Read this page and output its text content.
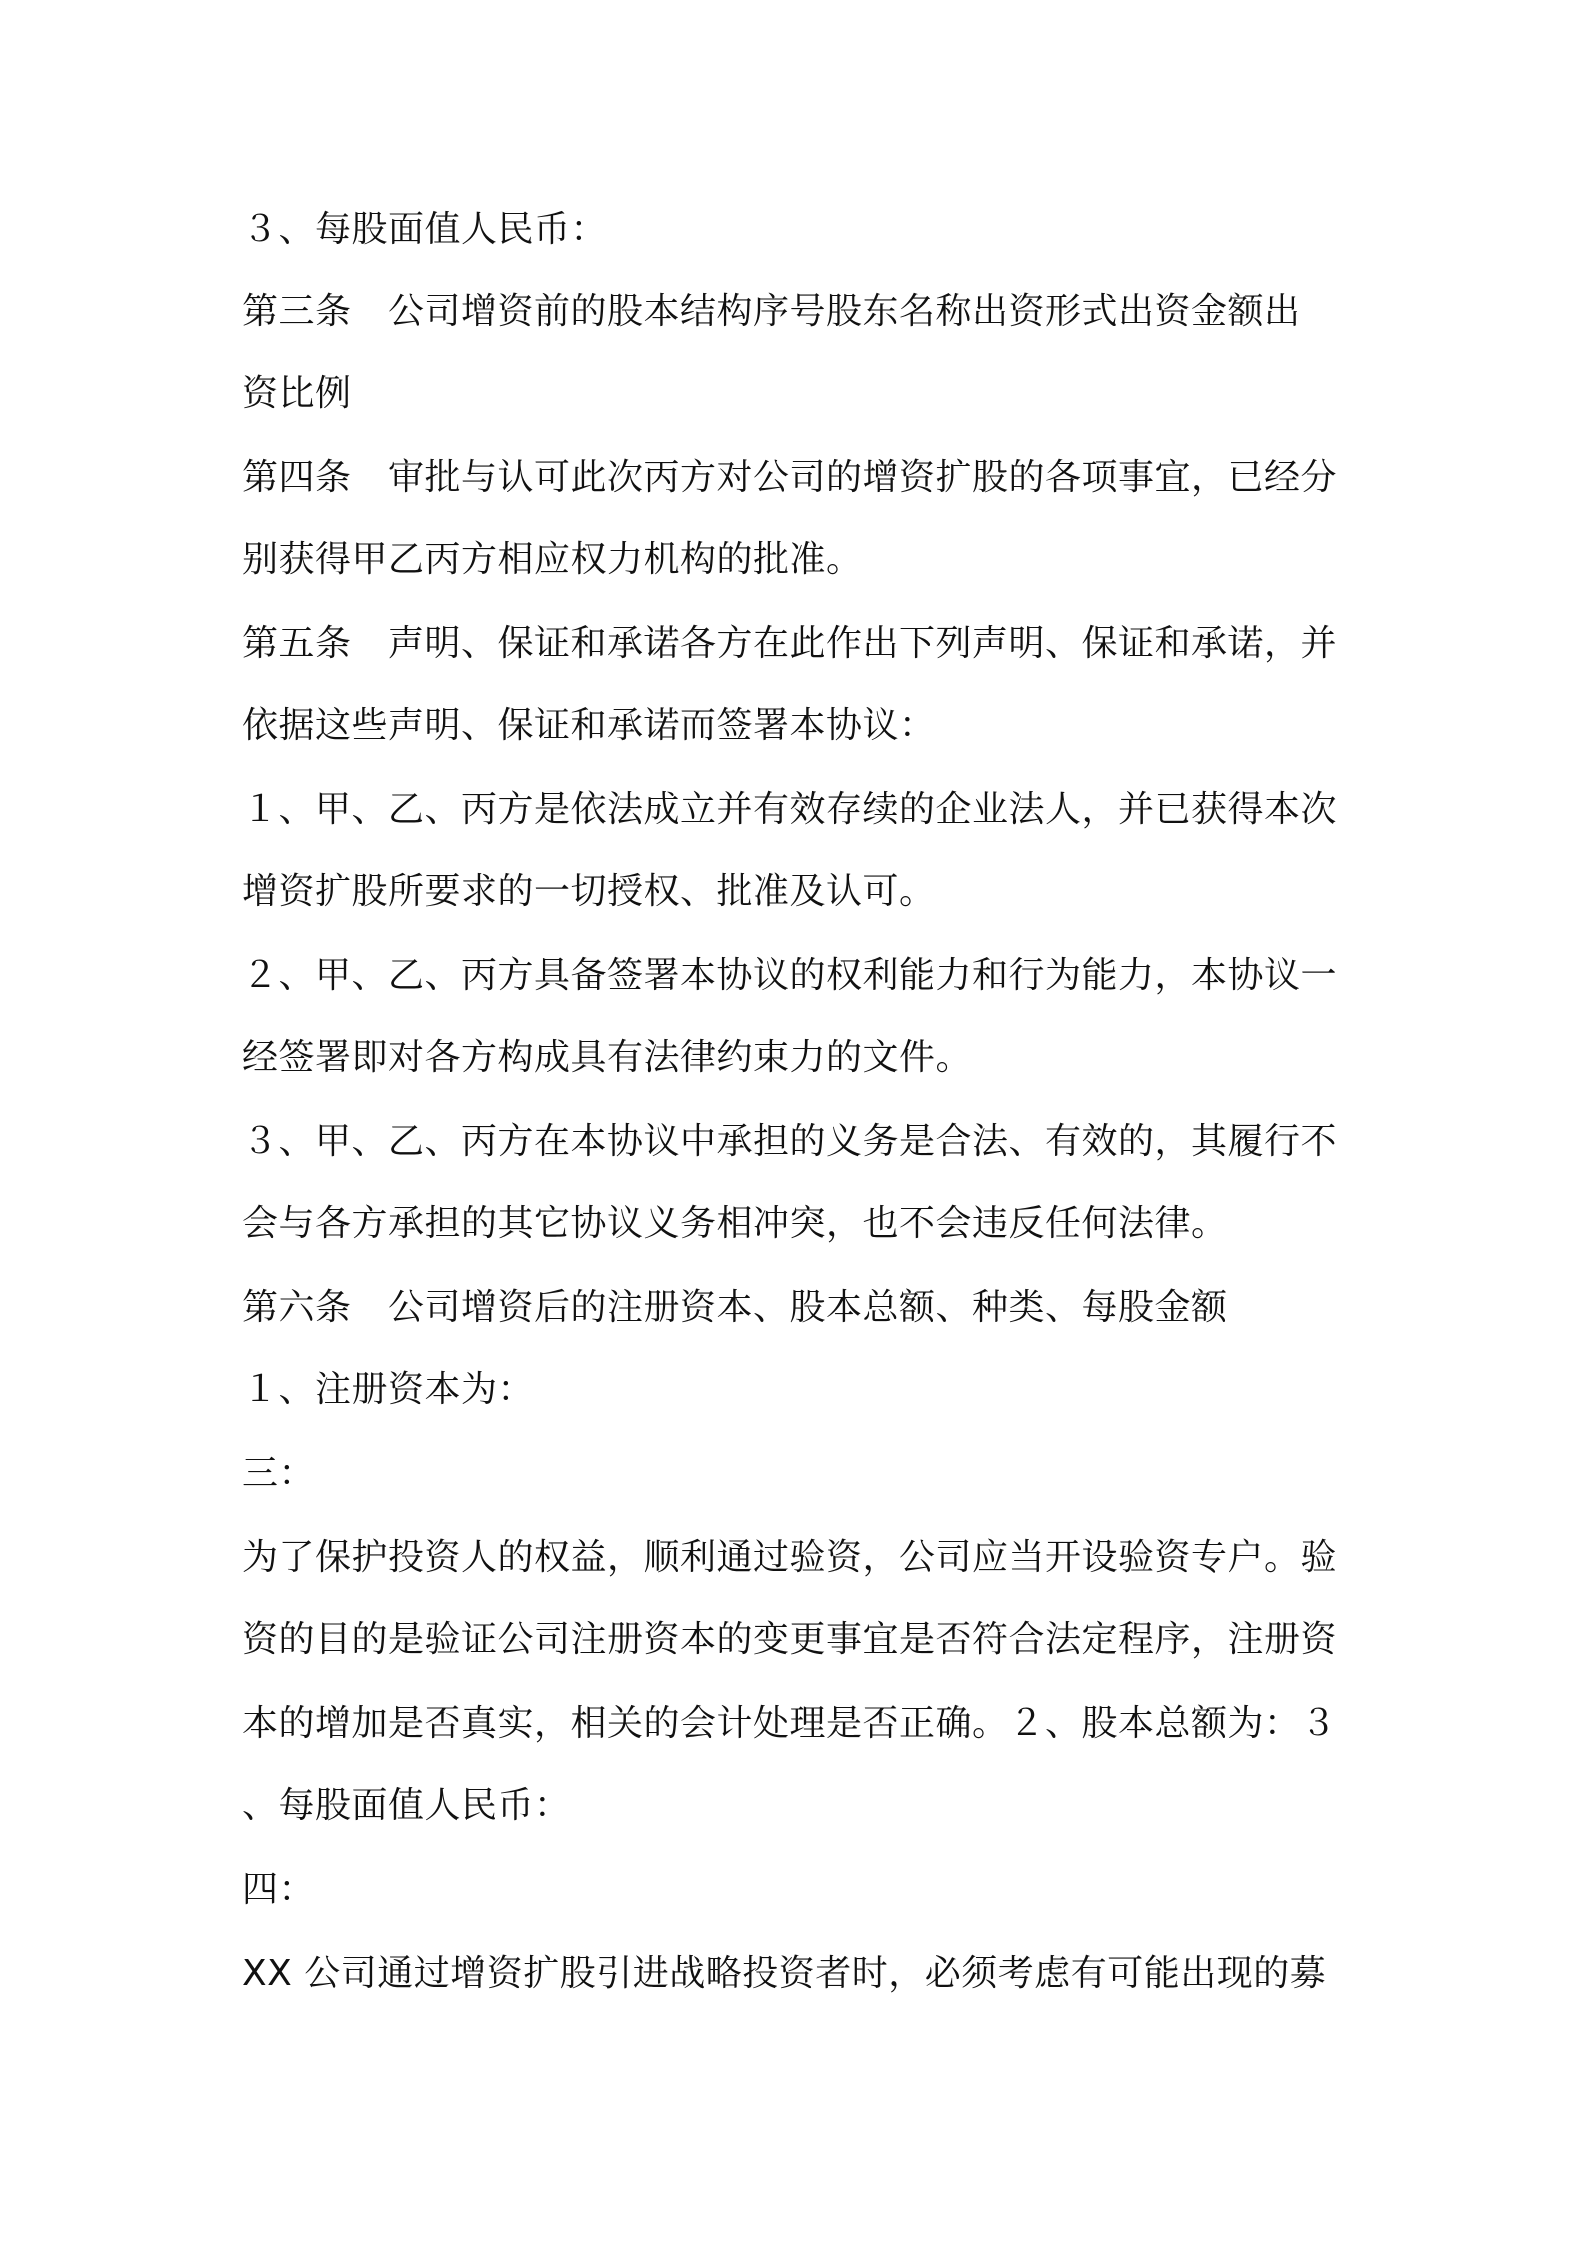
３、每股面值人民币：
第三条　公司增资前的股本结构序号股东名称出资形式出资金额出
资比例
第四条　审批与认可此次丙方对公司的增资扩股的各项事宜，已经分
别获得甲乙丙方相应权力机构的批准。
第五条　声明、保证和承诺各方在此作出下列声明、保证和承诺，并
依据这些声明、保证和承诺而签署本协议：
１、甲、乙、丙方是依法成立并有效存续的企业法人，并已获得本次
增资扩股所要求的一切授权、批准及认可。
２、甲、乙、丙方具备签署本协议的权利能力和行为能力，本协议一
经签署即对各方构成具有法律约束力的文件。
３、甲、乙、丙方在本协议中承担的义务是合法、有效的，其履行不
会与各方承担的其它协议义务相冲突，也不会违反任何法律。
第六条　公司增资后的注册资本、股本总额、种类、每股金额
１、注册资本为：
三：
为了保护投资人的权益，顺利通过验资，公司应当开设验资专户。验
资的目的是验证公司注册资本的变更事宜是否符合法定程序，注册资
本的增加是否真实，相关的会计处理是否正确。２、股本总额为：３
、每股面值人民币：
四：
XX 公司通过增资扩股引进战略投资者时，必须考虑有可能出现的募
